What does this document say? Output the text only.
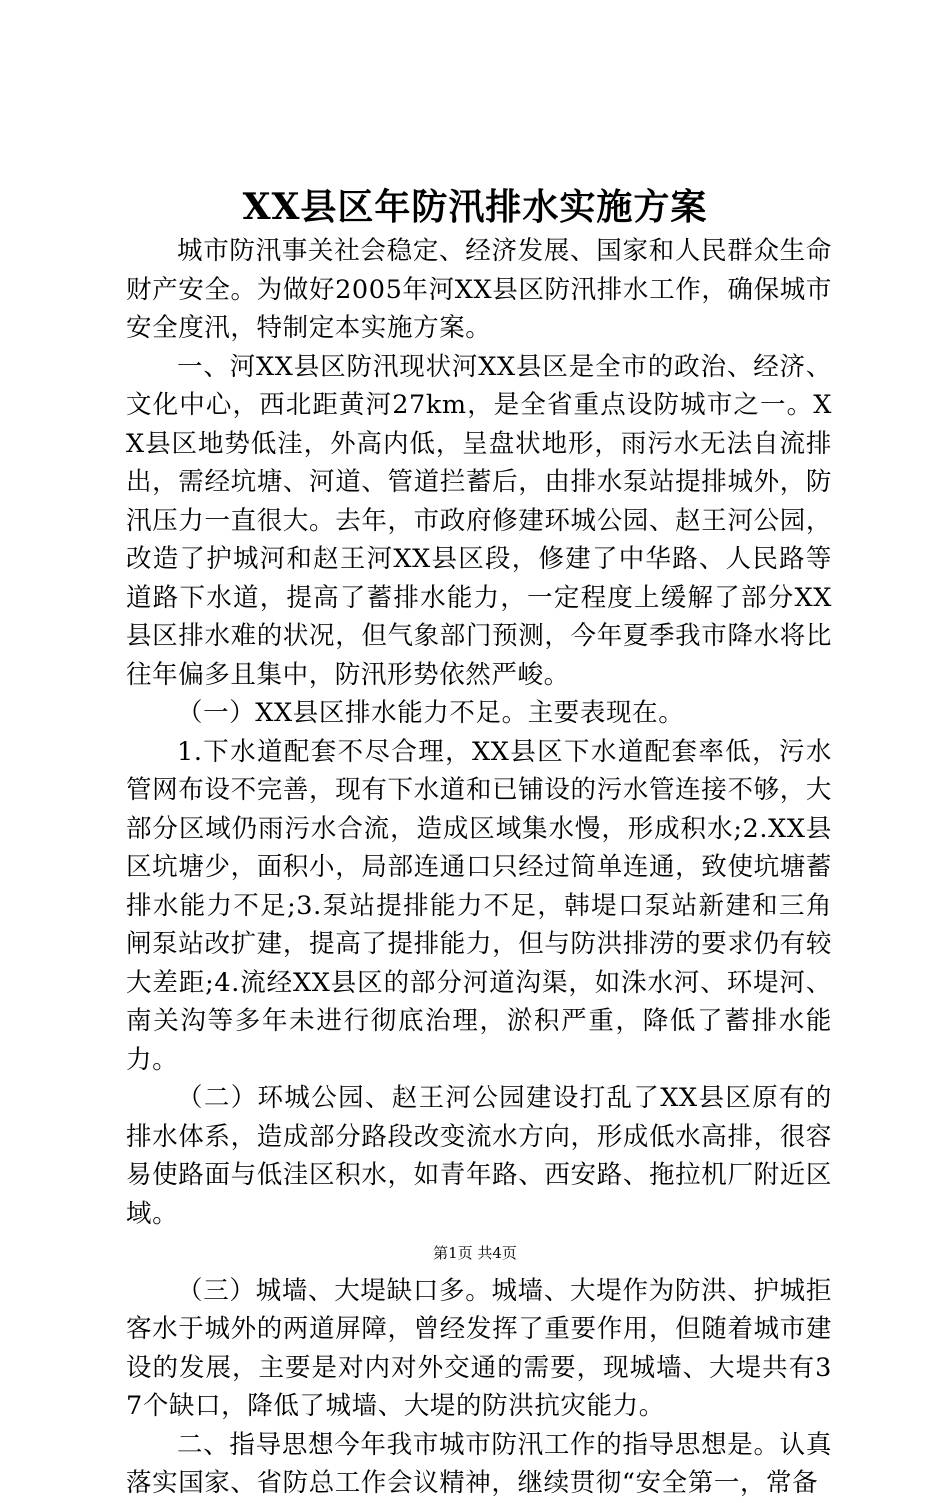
XX县区年防汛排水实施方案

城市防汛事关社会稳定、经济发展、国家和人民群众生命财产安全。为做好2005年河XX县区防汛排水工作，确保城市安全度汛，特制定本实施方案。

一、河XX县区防汛现状河XX县区是全市的政治、经济、文化中心，西北距黄河27km，是全省重点设防城市之一。XX县区地势低洼，外高内低，呈盘状地形，雨污水无法自流排出，需经坑塘、河道、管道拦蓄后，由排水泵站提排城外，防汛压力一直很大。去年，市政府修建环城公园、赵王河公园，改造了护城河和赵王河XX县区段，修建了中华路、人民路等道路下水道，提高了蓄排水能力，一定程度上缓解了部分XX县区排水难的状况，但气象部门预测，今年夏季我市降水将比往年偏多且集中，防汛形势依然严峻。

（一）XX县区排水能力不足。主要表现在。

1.下水道配套不尽合理，XX县区下水道配套率低，污水管网布设不完善，现有下水道和已铺设的污水管连接不够，大部分区域仍雨污水合流，造成区域集水慢，形成积水;2.XX县区坑塘少，面积小，局部连通口只经过简单连通，致使坑塘蓄排水能力不足;3.泵站提排能力不足，韩堤口泵站新建和三角闸泵站改扩建，提高了提排能力，但与防洪排涝的要求仍有较大差距;4.流经XX县区的部分河道沟渠，如洙水河、环堤河、南关沟等多年未进行彻底治理，淤积严重，降低了蓄排水能力。

（二）环城公园、赵王河公园建设打乱了XX县区原有的排水体系，造成部分路段改变流水方向，形成低水高排，很容易使路面与低洼区积水，如青年路、西安路、拖拉机厂附近区域。

（三）城墙、大堤缺口多。城墙、大堤作为防洪、护城拒客水于城外的两道屏障，曾经发挥了重要作用，但随着城市建设的发展，主要是对内对外交通的需要，现城墙、大堤共有37个缺口，降低了城墙、大堤的防洪抗灾能力。

二、指导思想今年我市城市防汛工作的指导思想是。认真落实国家、省防总工作会议精神，继续贯彻“安全第一，常备

第1页 共4页
